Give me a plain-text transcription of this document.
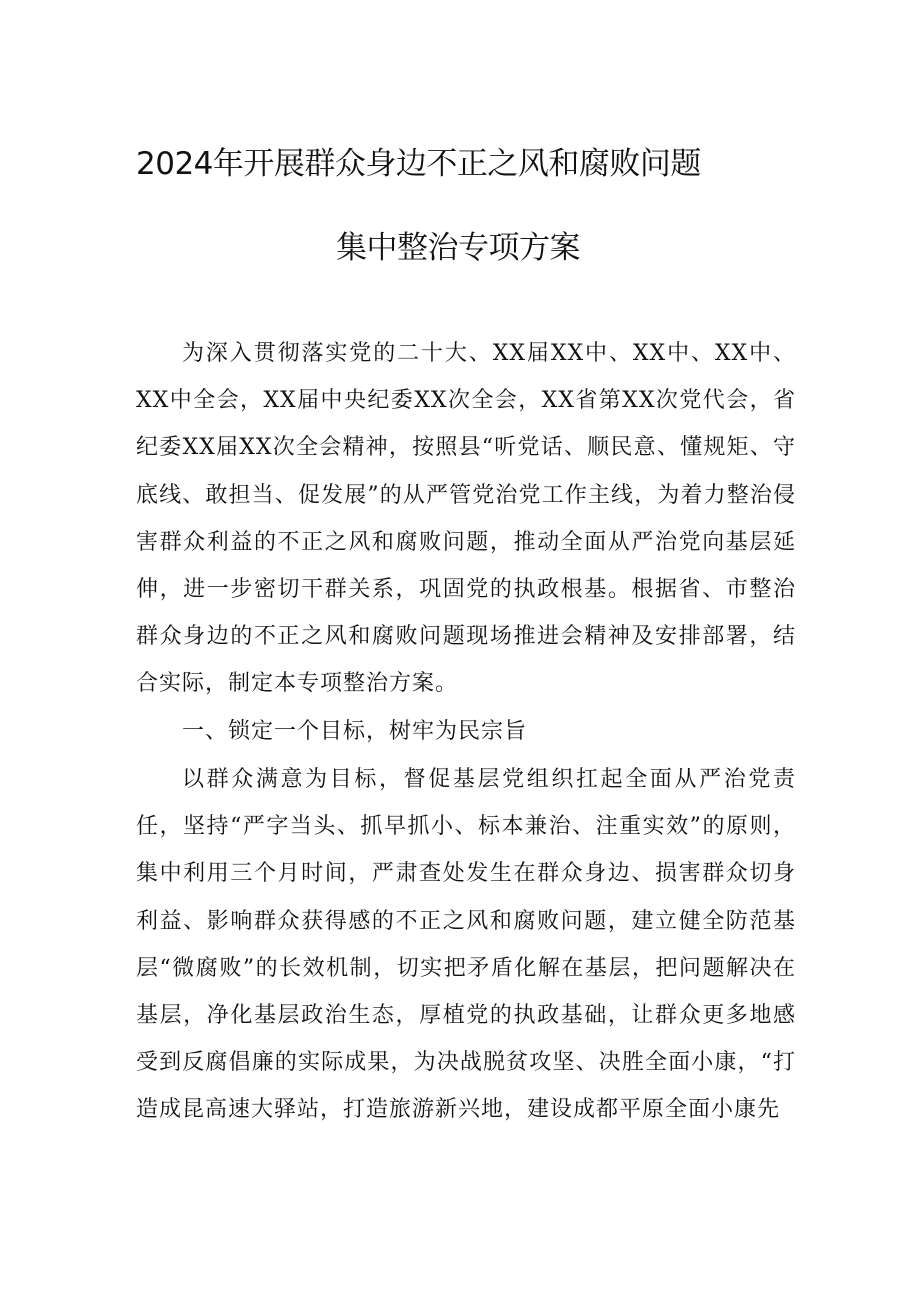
2024年开展群众身边不正之风和腐败问题
集中整治专项方案

为深入贯彻落实党的二十大、XX届XX中、XX中、XX中、XX中全会，XX届中央纪委XX次全会，XX省第XX次党代会，省纪委XX届XX次全会精神，按照县“听党话、顺民意、懂规矩、守底线、敢担当、促发展”的从严管党治党工作主线，为着力整治侵害群众利益的不正之风和腐败问题，推动全面从严治党向基层延伸，进一步密切干群关系，巩固党的执政根基。根据省、市整治群众身边的不正之风和腐败问题现场推进会精神及安排部署，结合实际，制定本专项整治方案。

一、锁定一个目标，树牢为民宗旨

以群众满意为目标，督促基层党组织扛起全面从严治党责任，坚持“严字当头、抓早抓小、标本兼治、注重实效”的原则，集中利用三个月时间，严肃查处发生在群众身边、损害群众切身利益、影响群众获得感的不正之风和腐败问题，建立健全防范基层“微腐败”的长效机制，切实把矛盾化解在基层，把问题解决在基层，净化基层政治生态，厚植党的执政基础，让群众更多地感受到反腐倡廉的实际成果，为决战脱贫攻坚、决胜全面小康，“打造成昆高速大驿站，打造旅游新兴地，建设成都平原全面小康先
